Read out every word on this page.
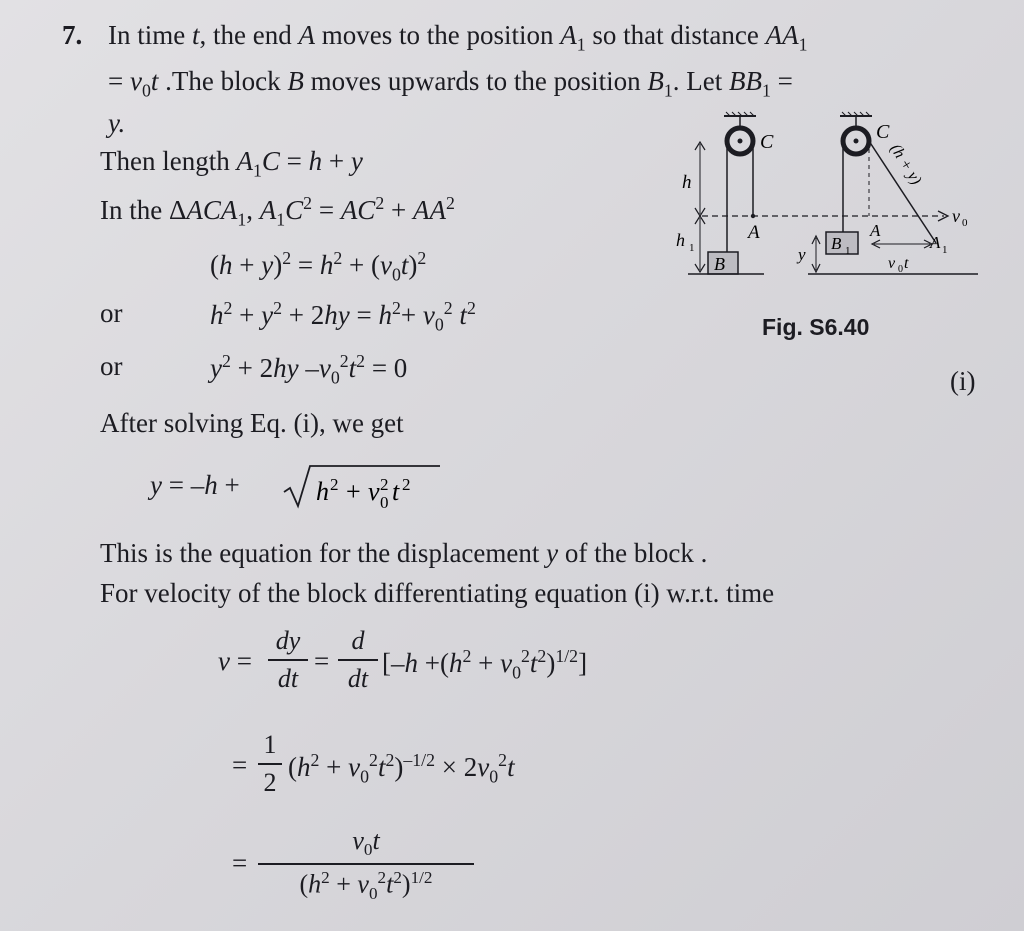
7. In time t, the end A moves to the position $A_1$ so that distance $AA_1$
= $v_0t$ .The block B moves upwards to the position $B_1$. Let $BB_1$ =
y.
Then length $A_1C = h + y$
In the $\Delta ACA_1$, $A_1C^2 = AC^2 + AA^2$
$(h + y)^2 = h^2 + (v_0t)^2$
or	$h^2 + y^2 + 2hy = h^2+ v_0^2$ $t^2$
or	$y^2 + 2hy$ $-v_0^2t^2 = 0$	(i)
After solving Eq. (i), we get
y = –h +	h 2 + v 0
2 t 2
This is the equation for the displacement y of the block .
For velocity of the block differentiating equation (i) w.r.t. time
v =
dy
dt
=
d
dt
$[-h +(h^2 + v_0^2t^2)^{1/2}]$
=
1
2
$(h^2 + v_0^2t^2)^{-1/2} \times 2v_0^2t$
=
$v_0t$
$(h^2 + v_0^2t^2)^{1/2}$
C
A
h
h 1
B
v 0
C
(h + y)
B 1
A
A 1
v 0 t
y
Fig. S6.40
